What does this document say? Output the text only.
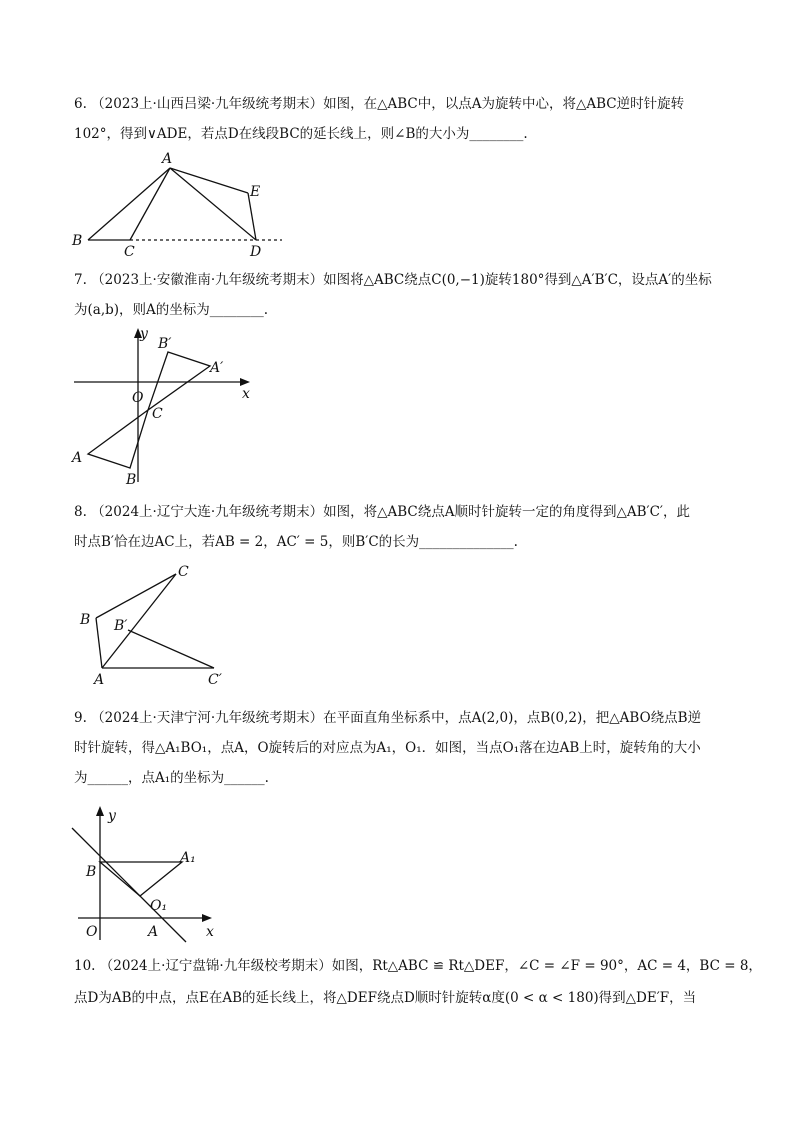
6. （2023上·山西吕梁·九年级统考期末）如图，在△ABC中，以点A为旋转中心，将△ABC逆时针旋转
102°，得到∨ADE，若点D在线段BC的延长线上，则∠B的大小为________.
A
B
C	D
E
7. （2023上·安徽淮南·九年级统考期末）如图将△ABC绕点C(0,−1)旋转180°得到△A′B′C，设点A′的坐标
为(a,b)，则A的坐标为________.
y
x
O
C
B′
A′
A
B
8. （2024上·辽宁大连·九年级统考期末）如图，将△ABC绕点A顺时针旋转一定的角度得到△AB′C′，此
时点B′恰在边AC上，若AB = 2，AC′ = 5，则B′C的长为______________.
A
B
C
B′
C′
9. （2024上·天津宁河·九年级统考期末）在平面直角坐标系中，点A(2,0)，点B(0,2)，把△ABO绕点B逆
时针旋转，得△A₁BO₁，点A，O旋转后的对应点为A₁，O₁．如图，当点O₁落在边AB上时，旋转角的大小
为______，点A₁的坐标为______.
y
x
O	A
B
A₁
O₁
10. （2024上·辽宁盘锦·九年级校考期末）如图，Rt△ABC ≌ Rt△DEF，∠C = ∠F = 90°，AC = 4，BC = 8，
点D为AB的中点，点E在AB的延长线上，将△DEF绕点D顺时针旋转α度(0 < α < 180)得到△DE′F，当
